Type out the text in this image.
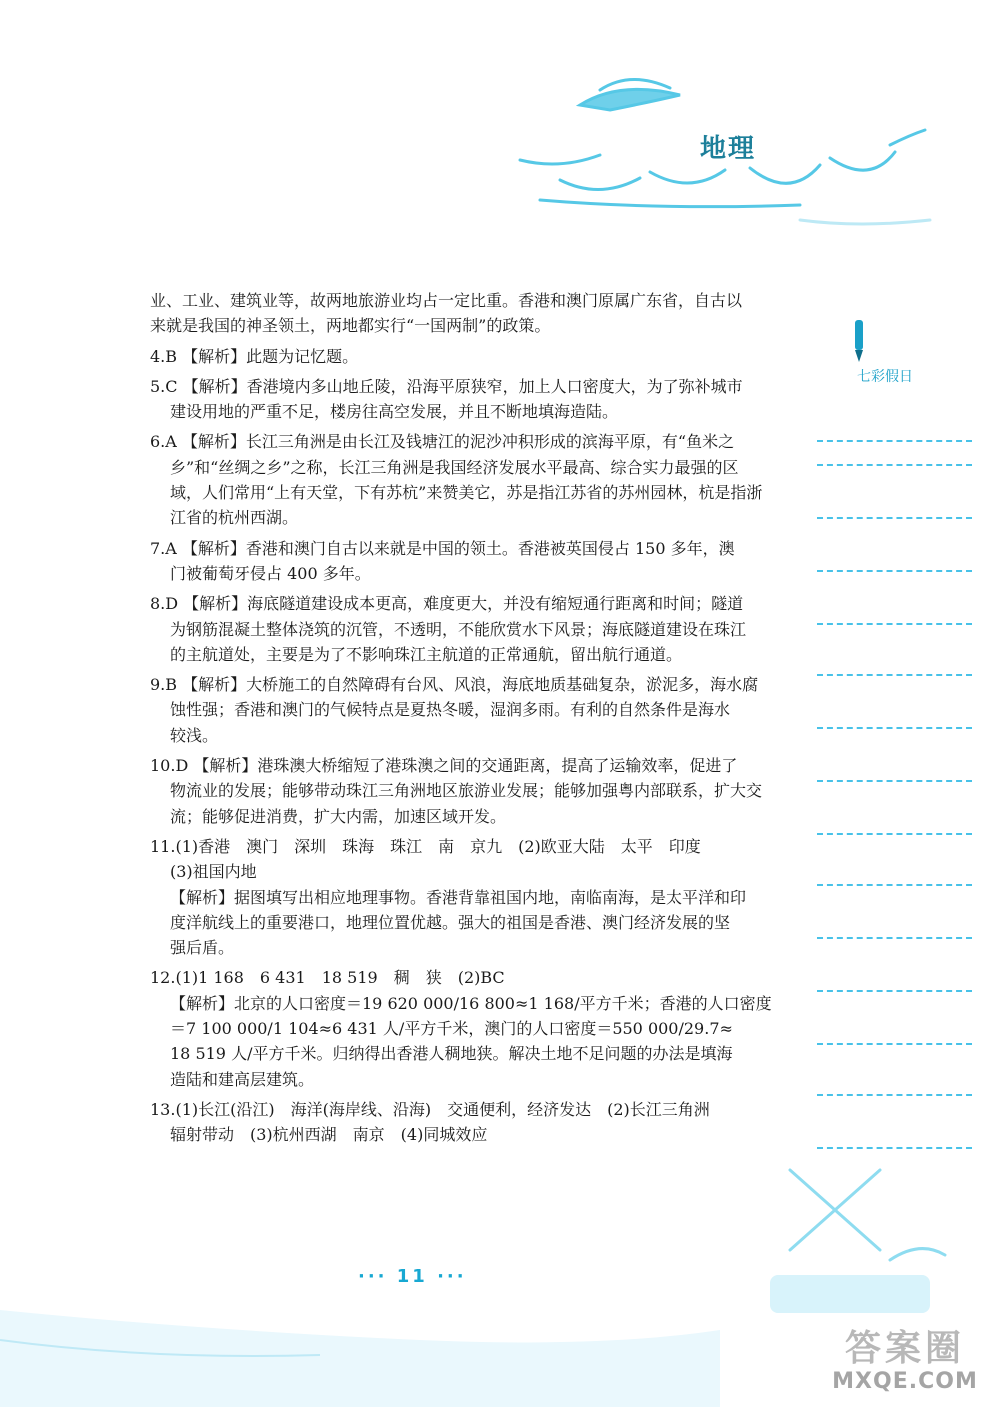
地理
七彩假日
业、工业、建筑业等，故两地旅游业均占一定比重。香港和澳门原属广东省，自古以
来就是我国的神圣领土，两地都实行“一国两制”的政策。
4.B 【解析】此题为记忆题。
5.C 【解析】香港境内多山地丘陵，沿海平原狭窄，加上人口密度大，为了弥补城市
建设用地的严重不足，楼房往高空发展，并且不断地填海造陆。
6.A 【解析】长江三角洲是由长江及钱塘江的泥沙冲积形成的滨海平原，有“鱼米之
乡”和“丝绸之乡”之称，长江三角洲是我国经济发展水平最高、综合实力最强的区
域，人们常用“上有天堂，下有苏杭”来赞美它，苏是指江苏省的苏州园林，杭是指浙
江省的杭州西湖。
7.A 【解析】香港和澳门自古以来就是中国的领土。香港被英国侵占 150 多年，澳
门被葡萄牙侵占 400 多年。
8.D 【解析】海底隧道建设成本更高，难度更大，并没有缩短通行距离和时间；隧道
为钢筋混凝土整体浇筑的沉管，不透明，不能欣赏水下风景；海底隧道建设在珠江
的主航道处，主要是为了不影响珠江主航道的正常通航，留出航行通道。
9.B 【解析】大桥施工的自然障碍有台风、风浪，海底地质基础复杂，淤泥多，海水腐
蚀性强；香港和澳门的气候特点是夏热冬暖，湿润多雨。有利的自然条件是海水
较浅。
10.D 【解析】港珠澳大桥缩短了港珠澳之间的交通距离，提高了运输效率，促进了
物流业的发展；能够带动珠江三角洲地区旅游业发展；能够加强粤内部联系，扩大交
流；能够促进消费，扩大内需，加速区域开发。
11.(1)香港　澳门　深圳　珠海　珠江　南　京九　(2)欧亚大陆　太平　印度
(3)祖国内地
【解析】据图填写出相应地理事物。香港背靠祖国内地，南临南海，是太平洋和印
度洋航线上的重要港口，地理位置优越。强大的祖国是香港、澳门经济发展的坚
强后盾。
12.(1)1 168　6 431　18 519　稠　狭　(2)BC
【解析】北京的人口密度＝19 620 000/16 800≈1 168/平方千米；香港的人口密度
＝7 100 000/1 104≈6 431 人/平方千米，澳门的人口密度＝550 000/29.7≈
18 519 人/平方千米。归纳得出香港人稠地狭。解决土地不足问题的办法是填海
造陆和建高层建筑。
13.(1)长江(沿江)　海洋(海岸线、沿海)　交通便利，经济发达　(2)长江三角洲
辐射带动　(3)杭州西湖　南京　(4)同城效应
··· 11 ···
答案圈
MXQE.COM
